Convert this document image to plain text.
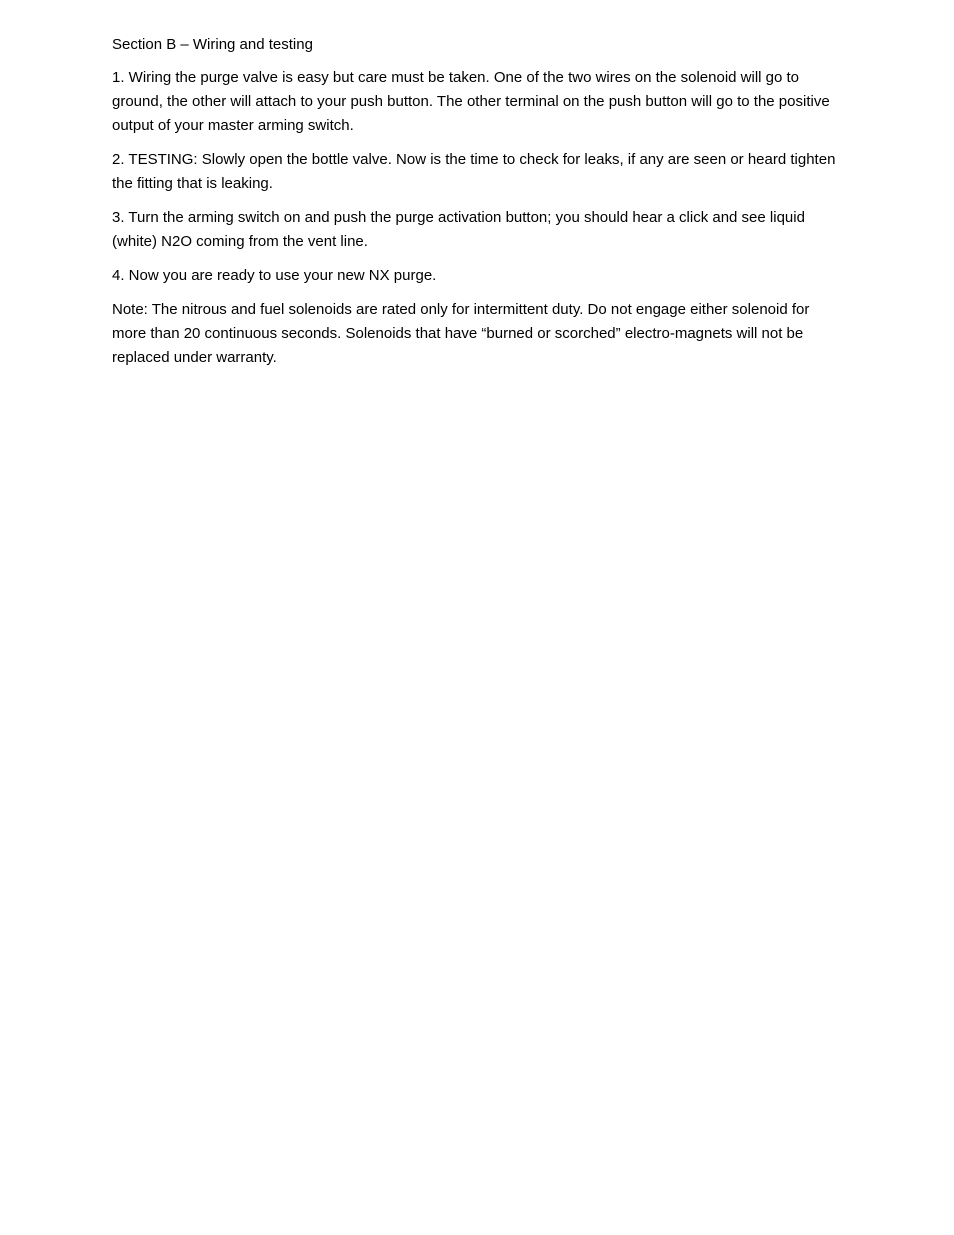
Section B – Wiring and testing

1. Wiring the purge valve is easy but care must be taken. One of the two wires on the solenoid will go to ground, the other will attach to your push button. The other terminal on the push button will go to the positive output of your master arming switch.

2. TESTING: Slowly open the bottle valve. Now is the time to check for leaks, if any are seen or heard tighten the fitting that is leaking.

3. Turn the arming switch on and push the purge activation button; you should hear a click and see liquid (white) N2O coming from the vent line.

4. Now you are ready to use your new NX purge.

Note: The nitrous and fuel solenoids are rated only for intermittent duty. Do not engage either solenoid for more than 20 continuous seconds. Solenoids that have “burned or scorched” electro-magnets will not be replaced under warranty.
